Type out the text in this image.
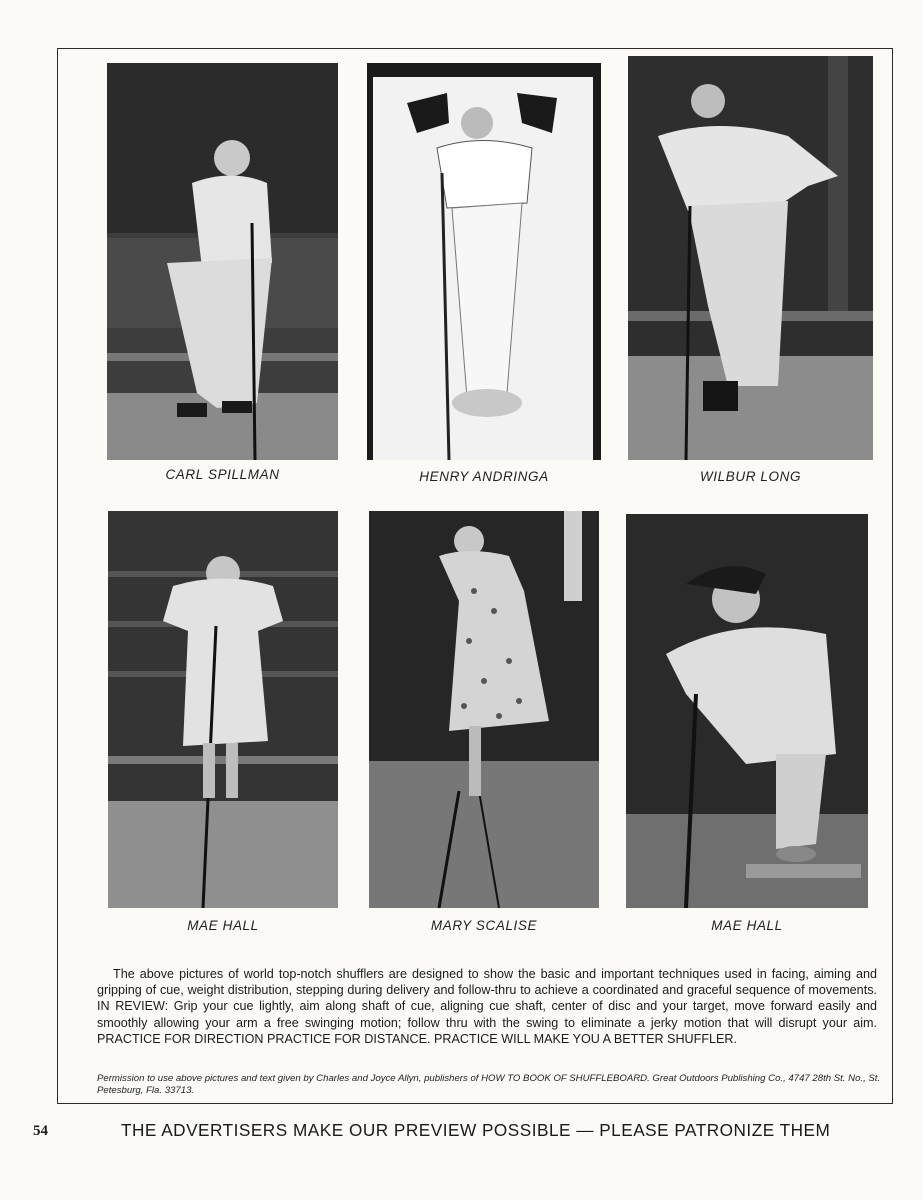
CARL SPILLMAN	HENRY ANDRINGA	WILBUR LONG
MAE HALL	MARY SCALISE	MAE HALL

The above pictures of world top-notch shufflers are designed to show the basic and important techniques used in facing, aiming and gripping of cue, weight distribution, stepping during delivery and follow-thru to achieve a coordinated and graceful sequence of movements. IN REVIEW: Grip your cue lightly, aim along shaft of cue, aligning cue shaft, center of disc and your target, move forward easily and smoothly allowing your arm a free swinging motion; follow thru with the swing to eliminate a jerky motion that will disrupt your aim. PRACTICE FOR DIRECTION PRACTICE FOR DISTANCE. PRACTICE WILL MAKE YOU A BETTER SHUFFLER.

Permission to use above pictures and text given by Charles and Joyce Allyn, publishers of HOW TO BOOK OF SHUFFLEBOARD. Great Outdoors Publishing Co., 4747 28th St. No., St. Petesburg, Fla. 33713.

54	THE ADVERTISERS MAKE OUR PREVIEW POSSIBLE — PLEASE PATRONIZE THEM
